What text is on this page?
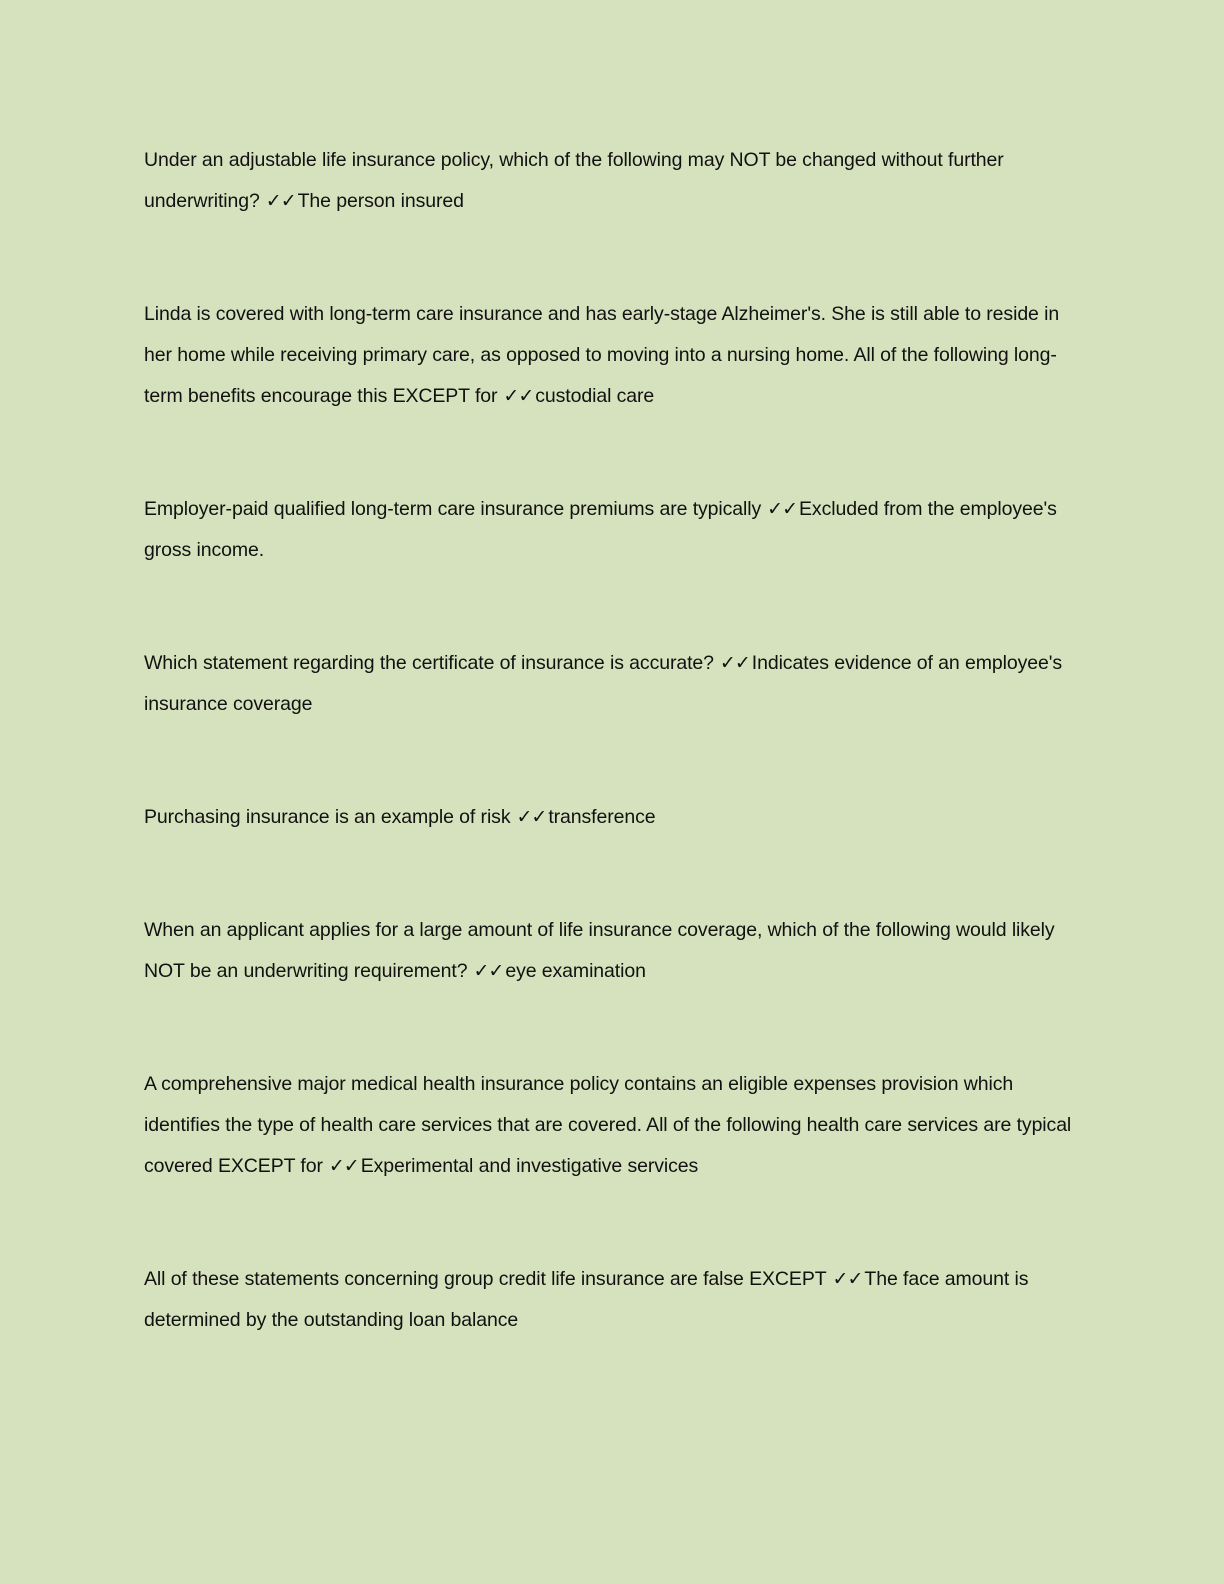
Under an adjustable life insurance policy, which of the following may NOT be changed without further underwriting? ✓✓ The person insured

Linda is covered with long-term care insurance and has early-stage Alzheimer's. She is still able to reside in her home while receiving primary care, as opposed to moving into a nursing home. All of the following long-term benefits encourage this EXCEPT for ✓✓ custodial care

Employer-paid qualified long-term care insurance premiums are typically ✓✓ Excluded from the employee's gross income.

Which statement regarding the certificate of insurance is accurate? ✓✓ Indicates evidence of an employee's insurance coverage

Purchasing insurance is an example of risk ✓✓ transference

When an applicant applies for a large amount of life insurance coverage, which of the following would likely NOT be an underwriting requirement? ✓✓ eye examination

A comprehensive major medical health insurance policy contains an eligible expenses provision which identifies the type of health care services that are covered. All of the following health care services are typical covered EXCEPT for ✓✓ Experimental and investigative services

All of these statements concerning group credit life insurance are false EXCEPT ✓✓ The face amount is determined by the outstanding loan balance
